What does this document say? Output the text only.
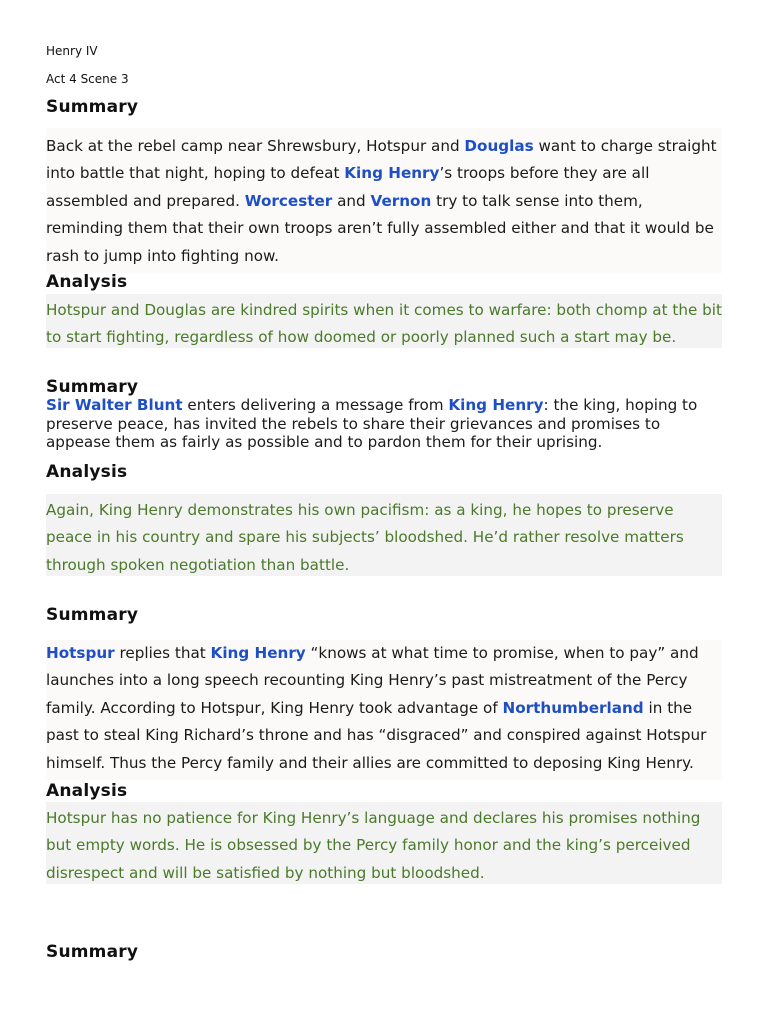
Henry IV

Act 4 Scene 3

Summary

Back at the rebel camp near Shrewsbury, Hotspur and Douglas want to charge straight into battle that night, hoping to defeat King Henry’s troops before they are all assembled and prepared. Worcester and Vernon try to talk sense into them, reminding them that their own troops aren’t fully assembled either and that it would be rash to jump into fighting now.

Analysis

Hotspur and Douglas are kindred spirits when it comes to warfare: both chomp at the bit to start fighting, regardless of how doomed or poorly planned such a start may be.

Summary

Sir Walter Blunt enters delivering a message from King Henry: the king, hoping to preserve peace, has invited the rebels to share their grievances and promises to appease them as fairly as possible and to pardon them for their uprising.

Analysis

Again, King Henry demonstrates his own pacifism: as a king, he hopes to preserve peace in his country and spare his subjects’ bloodshed. He’d rather resolve matters through spoken negotiation than battle.

Summary

Hotspur replies that King Henry “knows at what time to promise, when to pay” and launches into a long speech recounting King Henry’s past mistreatment of the Percy family. According to Hotspur, King Henry took advantage of Northumberland in the past to steal King Richard’s throne and has “disgraced” and conspired against Hotspur himself. Thus the Percy family and their allies are committed to deposing King Henry.

Analysis

Hotspur has no patience for King Henry’s language and declares his promises nothing but empty words. He is obsessed by the Percy family honor and the king’s perceived disrespect and will be satisfied by nothing but bloodshed.

Summary
